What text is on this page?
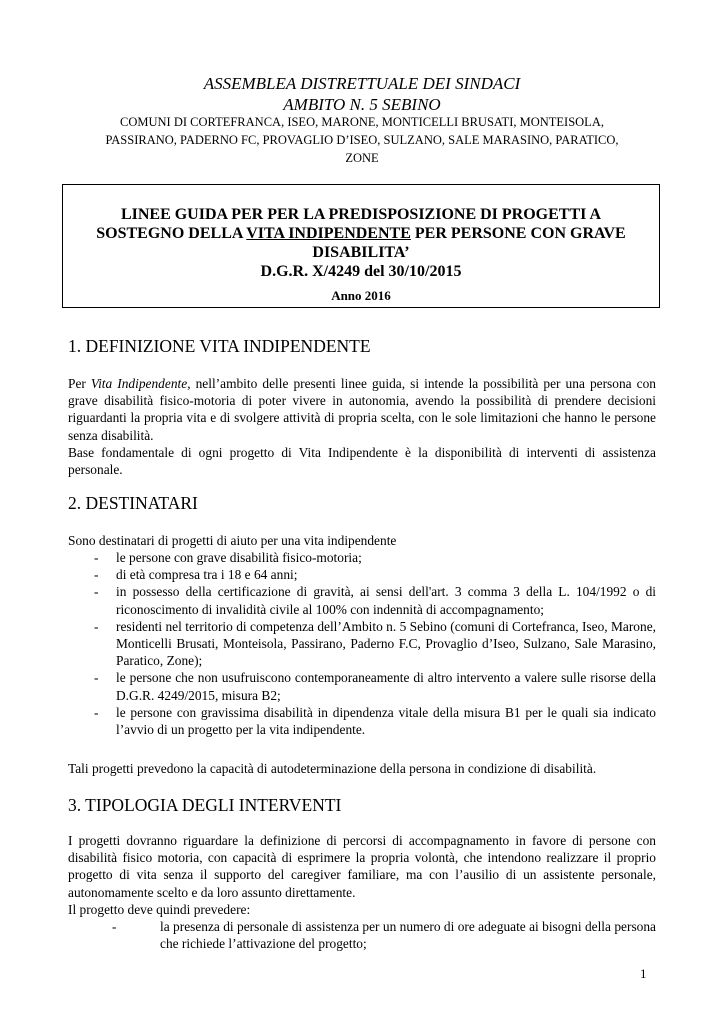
ASSEMBLEA DISTRETTUALE DEI SINDACI
AMBITO N. 5 SEBINO
COMUNI DI CORTEFRANCA, ISEO, MARONE, MONTICELLI BRUSATI, MONTEISOLA,
PASSIRANO, PADERNO FC, PROVAGLIO D’ISEO, SULZANO, SALE MARASINO, PARATICO,
ZONE
LINEE GUIDA PER PER LA PREDISPOSIZIONE DI PROGETTI A
SOSTEGNO DELLA VITA INDIPENDENTE PER PERSONE CON GRAVE
DISABILITA’
D.G.R. X/4249 del 30/10/2015
Anno 2016
1. DEFINIZIONE VITA INDIPENDENTE
Per Vita Indipendente, nell’ambito delle presenti linee guida, si intende la possibilità per una persona con grave disabilità fisico-motoria di poter vivere in autonomia, avendo la possibilità di prendere decisioni riguardanti la propria vita e di svolgere attività di propria scelta, con le sole limitazioni che hanno le persone senza disabilità.
Base fondamentale di ogni progetto di Vita Indipendente è la disponibilità di interventi di assistenza personale.
2. DESTINATARI
Sono destinatari di progetti di aiuto per una vita indipendente
- le persone con grave disabilità fisico-motoria;
- di età compresa tra i 18 e 64 anni;
- in possesso della certificazione di gravità, ai sensi dell'art. 3 comma 3 della L. 104/1992 o di riconoscimento di invalidità civile al 100% con indennità di accompagnamento;
- residenti nel territorio di competenza dell’Ambito n. 5 Sebino (comuni di Cortefranca, Iseo, Marone, Monticelli Brusati, Monteisola, Passirano, Paderno F.C, Provaglio d’Iseo, Sulzano, Sale Marasino, Paratico, Zone);
- le persone che non usufruiscono contemporaneamente di altro intervento a valere sulle risorse della D.G.R. 4249/2015, misura B2;
- le persone con gravissima disabilità in dipendenza vitale della misura B1 per le quali sia indicato l’avvio di un progetto per la vita indipendente.
Tali progetti prevedono la capacità di autodeterminazione della persona in condizione di disabilità.
3. TIPOLOGIA DEGLI INTERVENTI
I progetti dovranno riguardare la definizione di percorsi di accompagnamento in favore di persone con disabilità fisico motoria, con capacità di esprimere la propria volontà, che intendono realizzare il proprio progetto di vita senza il supporto del caregiver familiare, ma con l’ausilio di un assistente personale, autonomamente scelto e da loro assunto direttamente.
Il progetto deve quindi prevedere:
-	la presenza di personale di assistenza per un numero di ore adeguate ai bisogni della persona che richiede l’attivazione del progetto;
1
